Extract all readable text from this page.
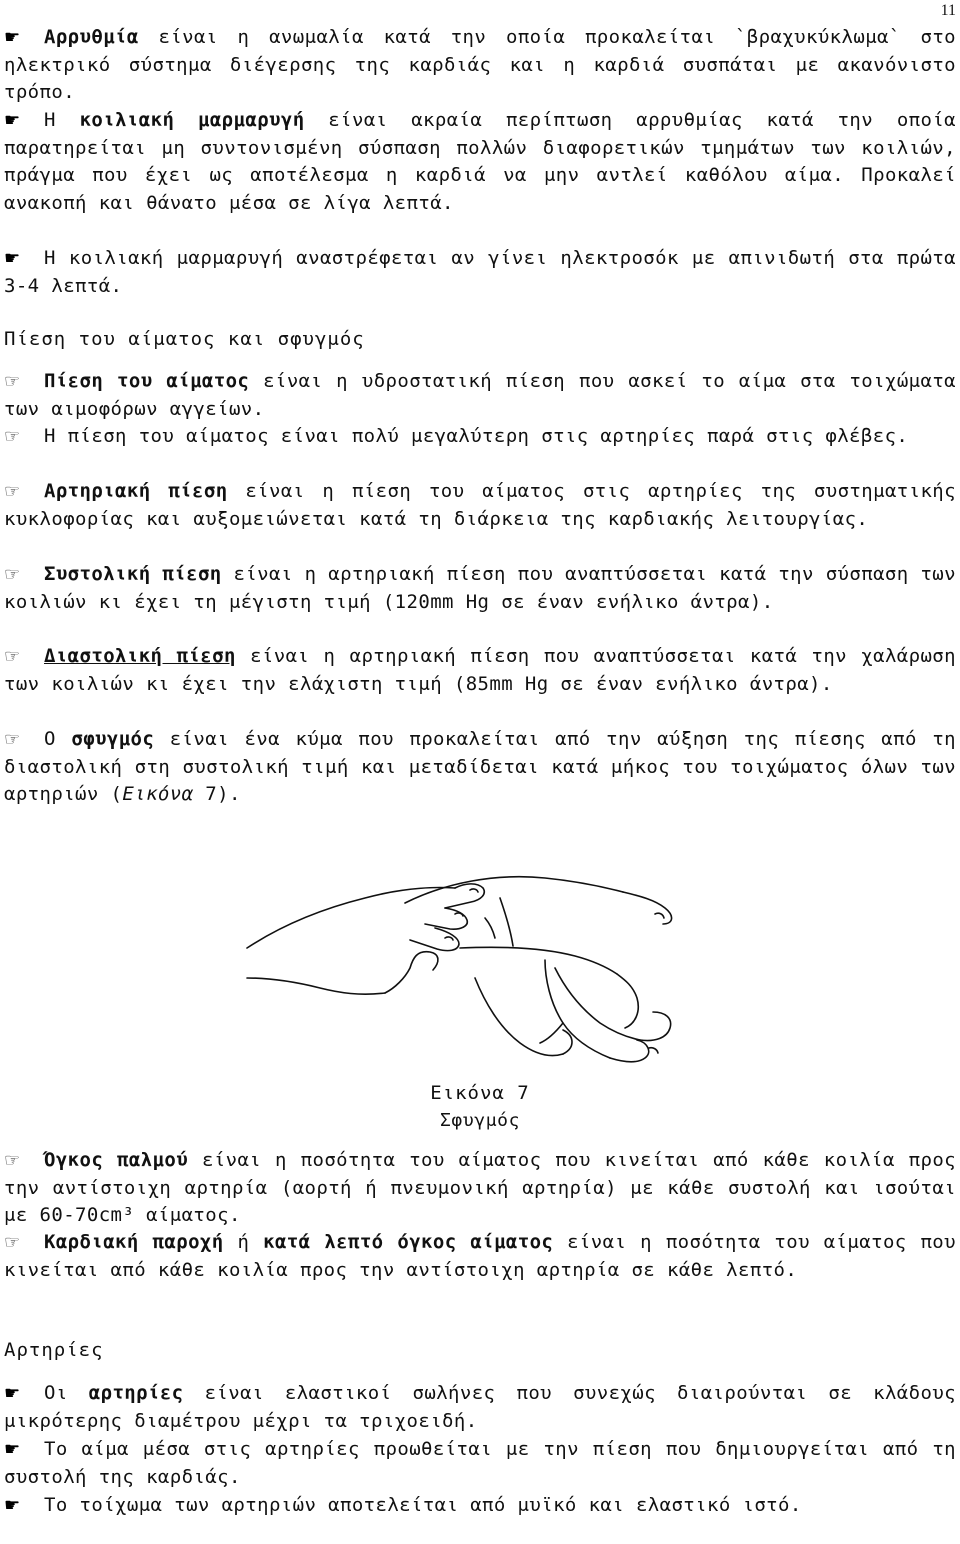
11
☛ Αρρυθμία είναι η ανωμαλία κατά την οποία προκαλείται `βραχυκύκλωμα` στο ηλεκτρικό σύστημα διέγερσης της καρδιάς και η καρδιά συσπάται με ακανόνιστο τρόπο.
☛ Η κοιλιακή μαρμαρυγή είναι ακραία περίπτωση αρρυθμίας κατά την οποία παρατηρείται μη συντονισμένη σύσπαση πολλών διαφορετικών τμημάτων των κοιλιών, πράγμα που έχει ως αποτέλεσμα η καρδιά να μην αντλεί καθόλου αίμα. Προκαλεί ανακοπή και θάνατο μέσα σε λίγα λεπτά.
☛ Η κοιλιακή μαρμαρυγή αναστρέφεται αν γίνει ηλεκτροσόκ με απινιδωτή στα πρώτα 3-4 λεπτά.
Πίεση του αίματος και σφυγμός
☞ Πίεση του αίματος είναι η υδροστατική πίεση που ασκεί το αίμα στα τοιχώματα των αιμοφόρων αγγείων.
☞ Η πίεση του αίματος είναι πολύ μεγαλύτερη στις αρτηρίες παρά στις φλέβες.
☞ Αρτηριακή πίεση είναι η πίεση του αίματος στις αρτηρίες της συστηματικής κυκλοφορίας και αυξομειώνεται κατά τη διάρκεια της καρδιακής λειτουργίας.
☞ Συστολική πίεση είναι η αρτηριακή πίεση που αναπτύσσεται κατά την σύσπαση των κοιλιών κι έχει τη μέγιστη τιμή (120mm Hg σε έναν ενήλικο άντρα).
☞ Διαστολική πίεση είναι η αρτηριακή πίεση που αναπτύσσεται κατά την χαλάρωση των κοιλιών κι έχει την ελάχιστη τιμή (85mm Hg σε έναν ενήλικο άντρα).
☞ Ο σφυγμός είναι ένα κύμα που προκαλείται από την αύξηση της πίεσης από τη διαστολική στη συστολική τιμή και μεταδίδεται κατά μήκος του τοιχώματος όλων των αρτηριών (Εικόνα 7).
Εικόνα 7
Σφυγμός
☞ Όγκος παλμού είναι η ποσότητα του αίματος που κινείται από κάθε κοιλία προς την αντίστοιχη αρτηρία (αορτή ή πνευμονική αρτηρία) με κάθε συστολή και ισούται με 60-70cm³ αίματος.
☞ Καρδιακή παροχή ή κατά λεπτό όγκος αίματος είναι η ποσότητα του αίματος που κινείται από κάθε κοιλία προς την αντίστοιχη αρτηρία σε κάθε λεπτό.
Αρτηρίες
☛ Οι αρτηρίες είναι ελαστικοί σωλήνες που συνεχώς διαιρούνται σε κλάδους μικρότερης διαμέτρου μέχρι τα τριχοειδή.
☛ Το αίμα μέσα στις αρτηρίες προωθείται με την πίεση που δημιουργείται από τη συστολή της καρδιάς.
☛ Το τοίχωμα των αρτηριών αποτελείται από μυϊκό και ελαστικό ιστό.
